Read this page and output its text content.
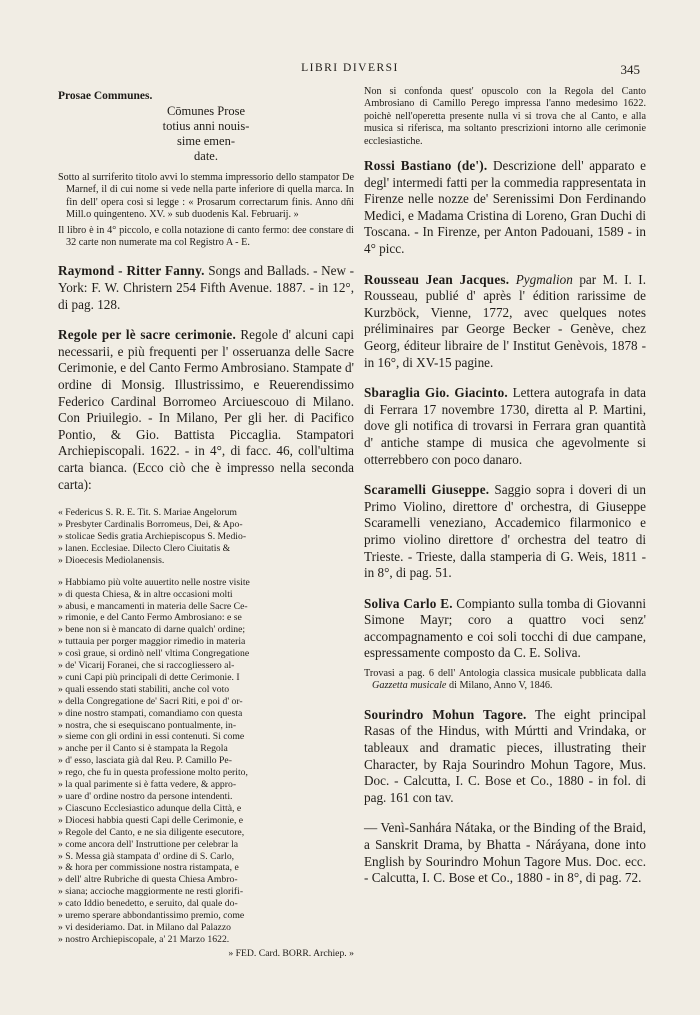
LIBRI DIVERSI	345
Prosae Communes.
Cōmunes Prose
totius anni nouis-
sime emen-
date.

Sotto al surriferito titolo avvi lo stemma impressorio dello stampator De Marnef, il di cui nome si vede nella parte inferiore di quella marca. In fin dell' opera così si legge : « Prosarum correctarum finis. Anno dñi Mill.o quingenteno. XV. » sub duodenis Kal. Februarij. »

Il libro è in 4° piccolo, e colla notazione di canto fermo: dee constare di 32 carte non numerate ma col Registro A - E.

Raymond - Ritter Fanny. Songs and Ballads. - New - York: F. W. Christern 254 Fifth Avenue. 1887. - in 12°, di pag. 128.

Regole per lè sacre cerimonie. Regole d' alcuni capi necessarii, e più frequenti per l' osseruanza delle Sacre Cerimonie, e del Canto Fermo Ambrosiano. Stampate d' ordine di Monsig. Illustrissimo, e Reuerendissimo Federico Cardinal Borromeo Arciuescouo di Milano. Con Priuilegio. - In Milano, Per gli her. di Pacifico Pontio, & Gio. Battista Piccaglia. Stampatori Archiepiscopali. 1622. - in 4°, di facc. 46, coll'ultima carta bianca. (Ecco ciò che è impresso nella seconda carta):

« Federicus S. R. E. Tit. S. Mariae Angelorum

» Presbyter Cardinalis Borromeus, Dei, & Apo-

» stolicae Sedis gratia Archiepiscopus S. Medio-

» lanen. Ecclesiae. Dilecto Clero Ciuitatis &

» Dioecesis Mediolanensis.

» Habbiamo più volte auuertito nelle nostre visite

» di questa Chiesa, & in altre occasioni molti

» abusi, e mancamenti in materia delle Sacre Ce-

» rimonie, e del Canto Fermo Ambrosiano: e se

» bene non si è mancato di darne qualch' ordine;

» tuttauia per porger maggior rimedio in materia

» così graue, si ordinò nell' vltima Congregatione

» de' Vicarij Foranei, che si raccogliessero al-

» cuni Capi più principali di dette Cerimonie. I

» quali essendo stati stabiliti, anche col voto

» della Congregatione de' Sacri Riti, e poi d' or-

» dine nostro stampati, comandiamo con questa

» nostra, che si esequiscano pontualmente, in-

» sieme con gli ordini in essi contenuti. Si come

» anche per il Canto si è stampata la Regola

» d' esso, lasciata già dal Reu. P. Camillo Pe-

» rego, che fu in questa professione molto perito,

» la qual parimente si è fatta vedere, & appro-

» uare d' ordine nostro da persone intendenti.

» Ciascuno Ecclesiastico adunque della Città, e

» Diocesi habbia questi Capi delle Cerimonie, e

» Regole del Canto, e ne sia diligente esecutore,

» come ancora dell' Instruttione per celebrar la

» S. Messa già stampata d' ordine di S. Carlo,

» & hora per commissione nostra ristampata, e

» dell' altre Rubriche di questa Chiesa Ambro-

» siana; accioche maggiormente ne resti glorifi-

» cato Iddio benedetto, e seruito, dal quale do-

» uremo sperare abbondantissimo premio, come

» vi desideriamo. Dat. in Milano dal Palazzo

» nostro Archiepiscopale, a' 21 Marzo 1622.

» FED. Card. BORR. Archiep. »

Non si confonda quest' opuscolo con la Regola del Canto Ambrosiano di Camillo Perego impressa l'anno medesimo 1622. poichè nell'operetta presente nulla vi si trova che al Canto, e alla musica si riferisca, ma soltanto prescrizioni intorno alle cerimonie ecclesiastiche.

Rossi Bastiano (de'). Descrizione dell' apparato e degl' intermedi fatti per la commedia rappresentata in Firenze nelle nozze de' Serenissimi Don Ferdinando Medici, e Madama Cristina di Loreno, Gran Duchi di Toscana. - In Firenze, per Anton Padouani, 1589 - in 4° picc.

Rousseau Jean Jacques. Pygmalion par M. I. I. Rousseau, publié d' après l' édition rarissime de Kurzböck, Vienne, 1772, avec quelques notes préliminaires par George Becker - Genève, chez Georg, éditeur libraire de l' Institut Genèvois, 1878 - in 16°, di XV-15 pagine.

Sbaraglia Gio. Giacinto. Lettera autografa in data di Ferrara 17 novembre 1730, diretta al P. Martini, dove gli notifica di trovarsi in Ferrara gran quantità d' antiche stampe di musica che agevolmente si otterrebbero con poco danaro.

Scaramelli Giuseppe. Saggio sopra i doveri di un Primo Violino, direttore d' orchestra, di Giuseppe Scaramelli veneziano, Accademico filarmonico e primo violino direttore d' orchestra del teatro di Trieste. - Trieste, dalla stamperia di G. Weis, 1811 - in 8°, di pag. 51.

Soliva Carlo E. Compianto sulla tomba di Giovanni Simone Mayr; coro a quattro voci senz' accompagnamento e coi soli tocchi di due campane, espressamente composto da C. E. Soliva.

Trovasi a pag. 6 dell' Antologia classica musicale pubblicata dalla Gazzetta musicale di Milano, Anno V, 1846.

Sourindro Mohun Tagore. The eight principal Rasas of the Hindus, with Múrtti and Vrindaka, or tableaux and dramatic pieces, illustrating their Character, by Raja Sourindro Mohun Tagore, Mus. Doc. - Calcutta, I. C. Bose et Co., 1880 - in fol. di pag. 161 con tav.

— Venì-Sanhára Nátaka, or the Binding of the Braid, a Sanskrit Drama, by Bhatta - Náráyana, done into English by Sourindro Mohun Tagore Mus. Doc. ecc. - Calcutta, I. C. Bose et Co., 1880 - in 8°, di pag. 72.
